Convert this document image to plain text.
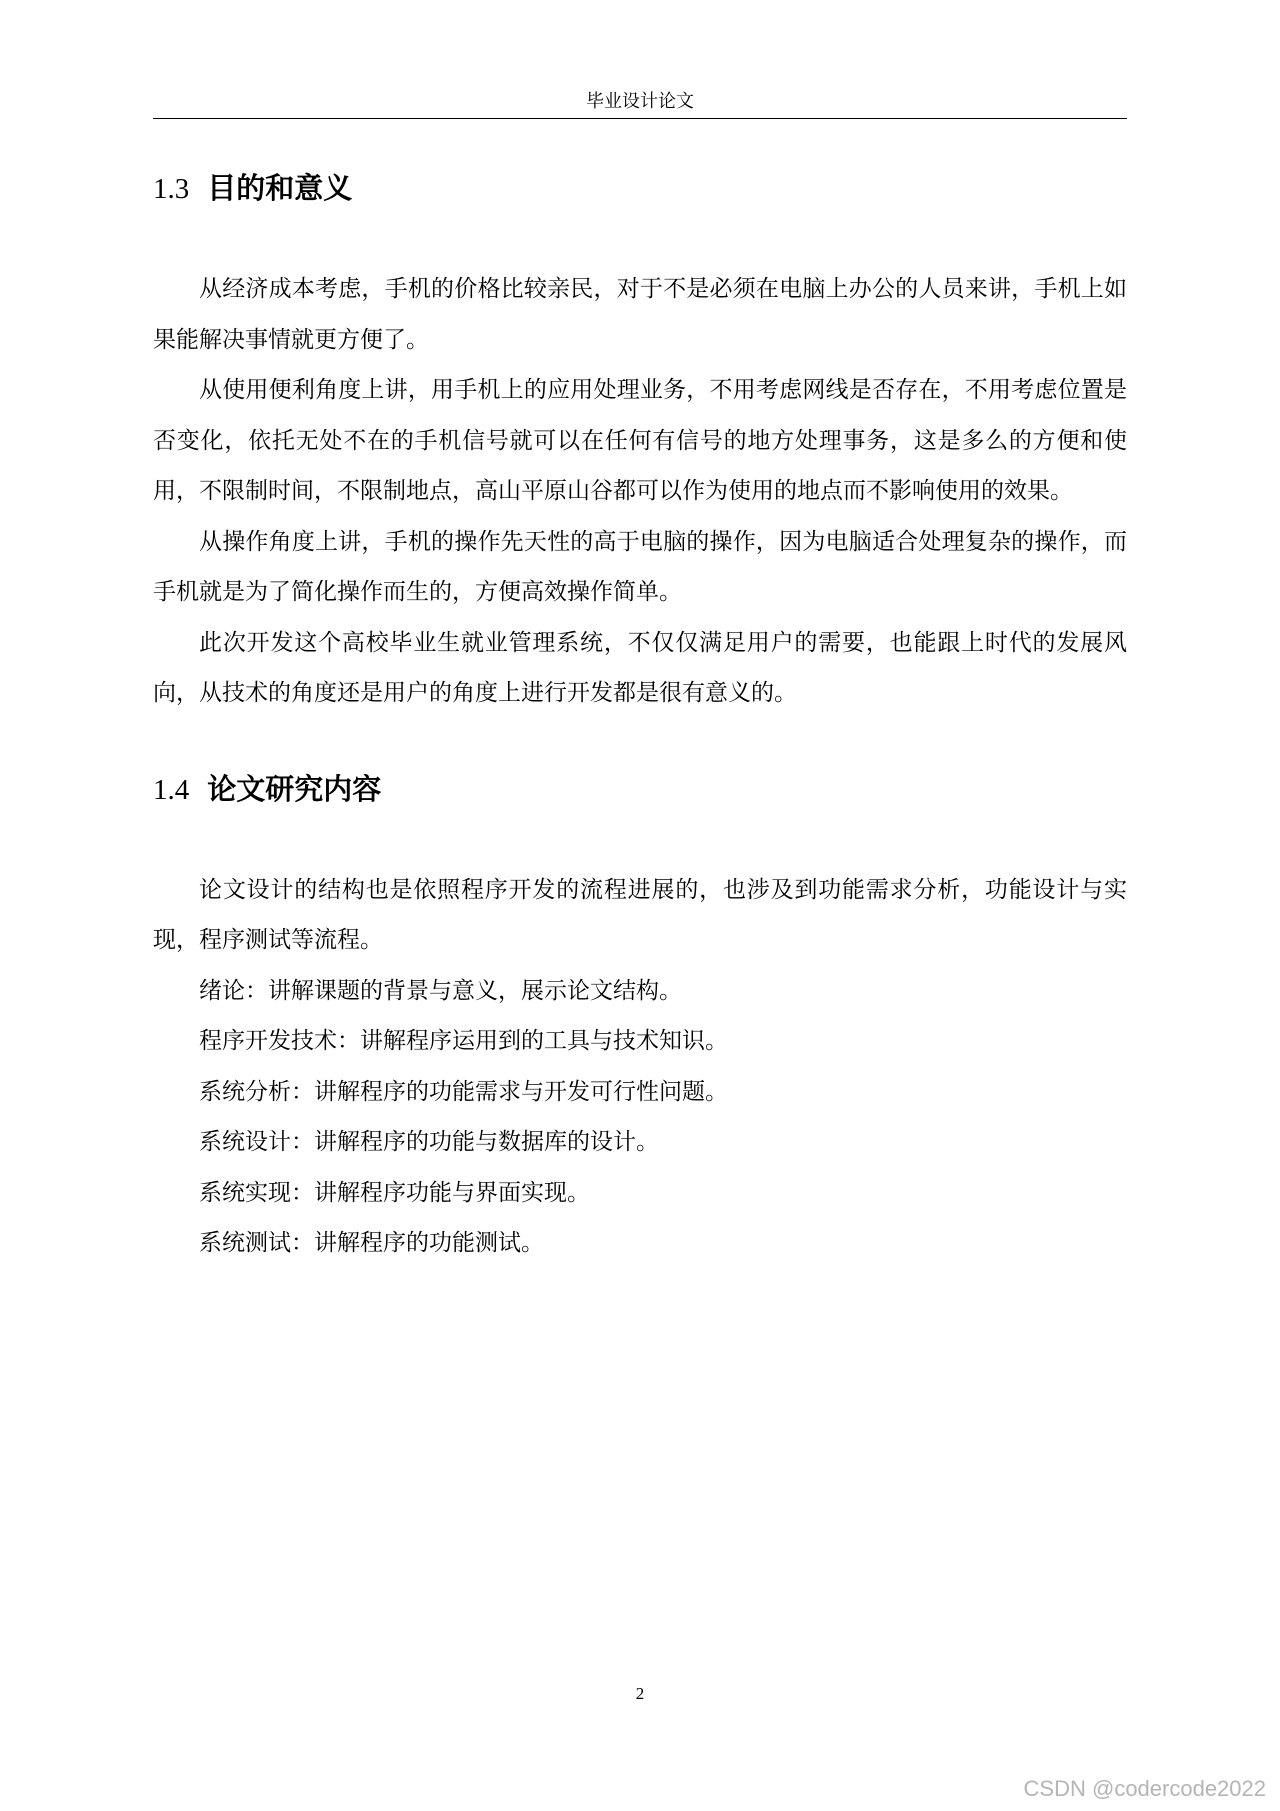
毕业设计论文
1.3 目的和意义

从经济成本考虑，手机的价格比较亲民，对于不是必须在电脑上办公的人员来讲，手机上如果能解决事情就更方便了。

从使用便利角度上讲，用手机上的应用处理业务，不用考虑网线是否存在，不用考虑位置是否变化，依托无处不在的手机信号就可以在任何有信号的地方处理事务，这是多么的方便和使用，不限制时间，不限制地点，高山平原山谷都可以作为使用的地点而不影响使用的效果。

从操作角度上讲，手机的操作先天性的高于电脑的操作，因为电脑适合处理复杂的操作，而手机就是为了简化操作而生的，方便高效操作简单。

此次开发这个高校毕业生就业管理系统，不仅仅满足用户的需要，也能跟上时代的发展风向，从技术的角度还是用户的角度上进行开发都是很有意义的。

1.4 论文研究内容

论文设计的结构也是依照程序开发的流程进展的，也涉及到功能需求分析，功能设计与实现，程序测试等流程。

绪论：讲解课题的背景与意义，展示论文结构。

程序开发技术：讲解程序运用到的工具与技术知识。

系统分析：讲解程序的功能需求与开发可行性问题。

系统设计：讲解程序的功能与数据库的设计。

系统实现：讲解程序功能与界面实现。

系统测试：讲解程序的功能测试。

2
CSDN @codercode2022
